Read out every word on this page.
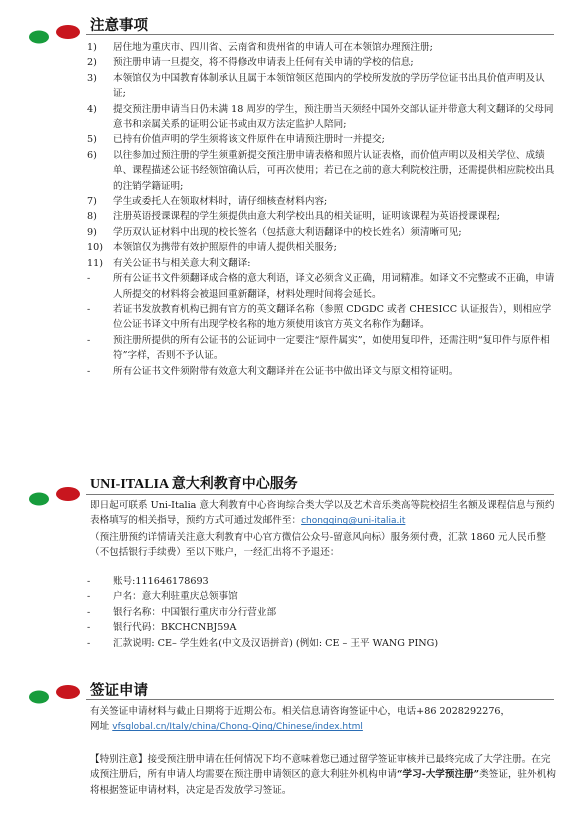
注意事项
1)	居住地为重庆市、四川省、云南省和贵州省的申请人可在本领馆办理预注册;
2)	预注册申请一旦提交，将不得修改申请表上任何有关申请的学校的信息;
3)	本领馆仅为中国教育体制承认且属于本领馆领区范围内的学校所发放的学历学位证书出具价值声明及认证;
4)	提交预注册申请当日仍未满 18 周岁的学生，预注册当天须经中国外交部认证并带意大利文翻译的父母同意书和亲属关系的证明公证书或由双方法定监护人陪同;
5)	已持有价值声明的学生须将该文件原件在申请预注册时一并提交;
6)	以往参加过预注册的学生须重新提交预注册申请表格和照片认证表格，而价值声明以及相关学位、成绩单、课程描述公证书经领馆确认后，可再次使用；若已在之前的意大利院校注册，还需提供相应院校出具的注销学籍证明;
7)	学生或委托人在领取材料时，请仔细核查材料内容;
8)	注册英语授课课程的学生须提供由意大利学校出具的相关证明，证明该课程为英语授课课程;
9)	学历双认证材料中出现的校长签名（包括意大利语翻译中的校长姓名）须清晰可见;
10)	本领馆仅为携带有效护照原件的申请人提供相关服务;
11)	有关公证书与相关意大利文翻译:
-	所有公证书文件须翻译成合格的意大利语，译文必须含义正确，用词精准。如译文不完整或不正确，申请人所提交的材料将会被退回重新翻译，材料处理时间将会延长。
-	若证书发放教育机构已拥有官方的英文翻译名称（参照 CDGDC 或者 CHESICC 认证报告），则相应学位公证书译文中所有出现学校名称的地方须使用该官方英文名称作为翻译。
-	预注册所提供的所有公证书的公证词中一定要注“原件属实”，如使用复印件，还需注明“复印件与原件相符”字样，否则不予认证。
-	所有公证书文件须附带有效意大利文翻译并在公证书中做出译文与原文相符证明。
UNI-ITALIA 意大利教育中心服务
即日起可联系 Uni-Italia 意大利教育中心咨询综合类大学以及艺术音乐类高等院校招生名额及课程信息与预约表格填写的相关指导，预约方式可通过发邮件至：chongqing@uni-italia.it
（预注册预约详情请关注意大利教育中心官方微信公众号-留意风向标）服务须付费，汇款 1860 元人民币整（不包括银行手续费）至以下账户，一经汇出将不予退还：
-	账号:111646178693
-	户名：意大利驻重庆总领事馆
-	银行名称：中国银行重庆市分行营业部
-	银行代码：BKCHCNBJ59A
-	汇款说明: CE– 学生姓名(中文及汉语拼音) (例如: CE – 王平 WANG PING)
签证申请
有关签证申请材料与截止日期将于近期公布。相关信息请咨询签证中心，电话+86 2028292276，
网址 vfsglobal.cn/Italy/china/Chong-Qing/Chinese/index.html
【特别注意】接受预注册申请在任何情况下均不意味着您已通过留学签证审核并已最终完成了大学注册。在完成预注册后，所有申请人均需要在预注册申请领区的意大利驻外机构申请“学习-大学预注册”类签证，驻外机构将根据签证申请材料，决定是否发放学习签证。
